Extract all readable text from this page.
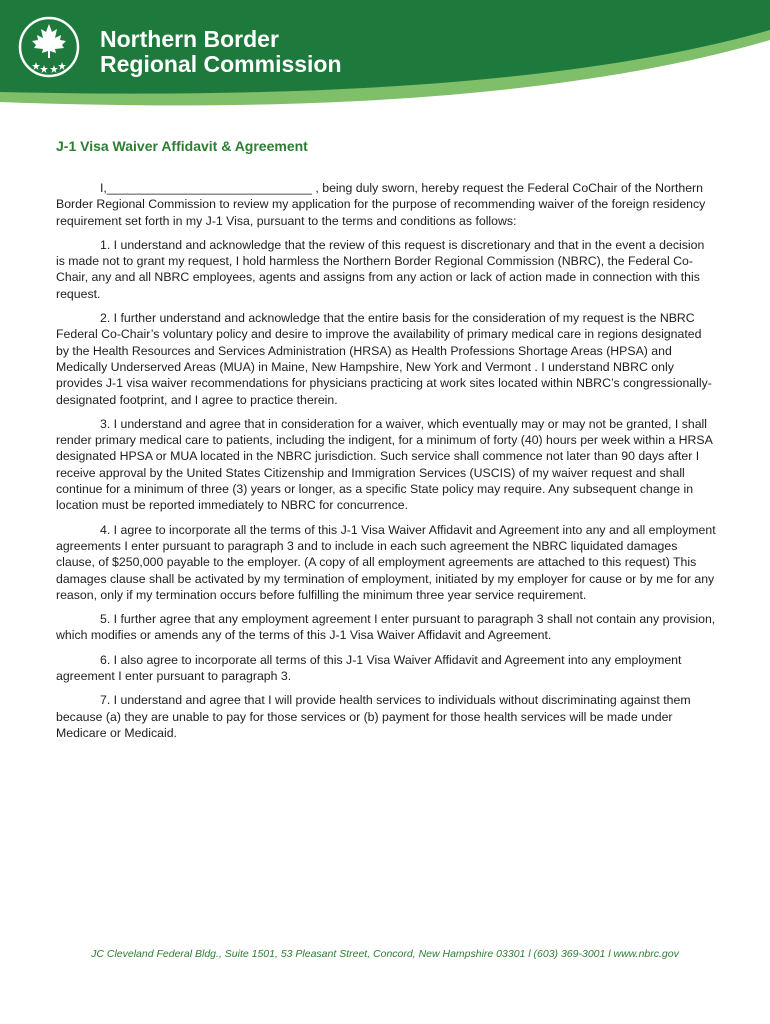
Northern Border
Regional Commission
J-1 Visa Waiver Affidavit & Agreement

I,______________________________ , being duly sworn, hereby request the Federal CoChair of the Northern Border Regional Commission to review my application for the purpose of recommending waiver of the foreign residency requirement set forth in my J-1 Visa, pursuant to the terms and conditions as follows:

1. I understand and acknowledge that the review of this request is discretionary and that in the event a decision is made not to grant my request, I hold harmless the Northern Border Regional Commission (NBRC), the Federal Co-Chair, any and all NBRC employees, agents and assigns from any action or lack of action made in connection with this request.

2. I further understand and acknowledge that the entire basis for the consideration of my request is the NBRC Federal Co-Chair’s voluntary policy and desire to improve the availability of primary medical care in regions designated by the Health Resources and Services Administration (HRSA) as Health Professions Shortage Areas (HPSA) and Medically Underserved Areas (MUA) in Maine, New Hampshire, New York and Vermont . I understand NBRC only provides J-1 visa waiver recommendations for physicians practicing at work sites located within NBRC’s congressionally-designated footprint, and I agree to practice therein.

3. I understand and agree that in consideration for a waiver, which eventually may or may not be granted, I shall render primary medical care to patients, including the indigent, for a minimum of forty (40) hours per week within a HRSA designated HPSA or MUA located in the NBRC jurisdiction. Such service shall commence not later than 90 days after I receive approval by the United States Citizenship and Immigration Services (USCIS) of my waiver request and shall continue for a minimum of three (3) years or longer, as a specific State policy may require. Any subsequent change in location must be reported immediately to NBRC for concurrence.

4. I agree to incorporate all the terms of this J-1 Visa Waiver Affidavit and Agreement into any and all employment agreements I enter pursuant to paragraph 3 and to include in each such agreement the NBRC liquidated damages clause, of $250,000 payable to the employer. (A copy of all employment agreements are attached to this request) This damages clause shall be activated by my termination of employment, initiated by my employer for cause or by me for any reason, only if my termination occurs before fulfilling the minimum three year service requirement.

5. I further agree that any employment agreement I enter pursuant to paragraph 3 shall not contain any provision, which modifies or amends any of the terms of this J-1 Visa Waiver Affidavit and Agreement.

6. I also agree to incorporate all terms of this J-1 Visa Waiver Affidavit and Agreement into any employment agreement I enter pursuant to paragraph 3.

7. I understand and agree that I will provide health services to individuals without discriminating against them because (a) they are unable to pay for those services or (b) payment for those health services will be made under Medicare or Medicaid.

JC Cleveland Federal Bldg., Suite 1501, 53 Pleasant Street, Concord, New Hampshire 03301 l (603) 369-3001 l www.nbrc.gov
